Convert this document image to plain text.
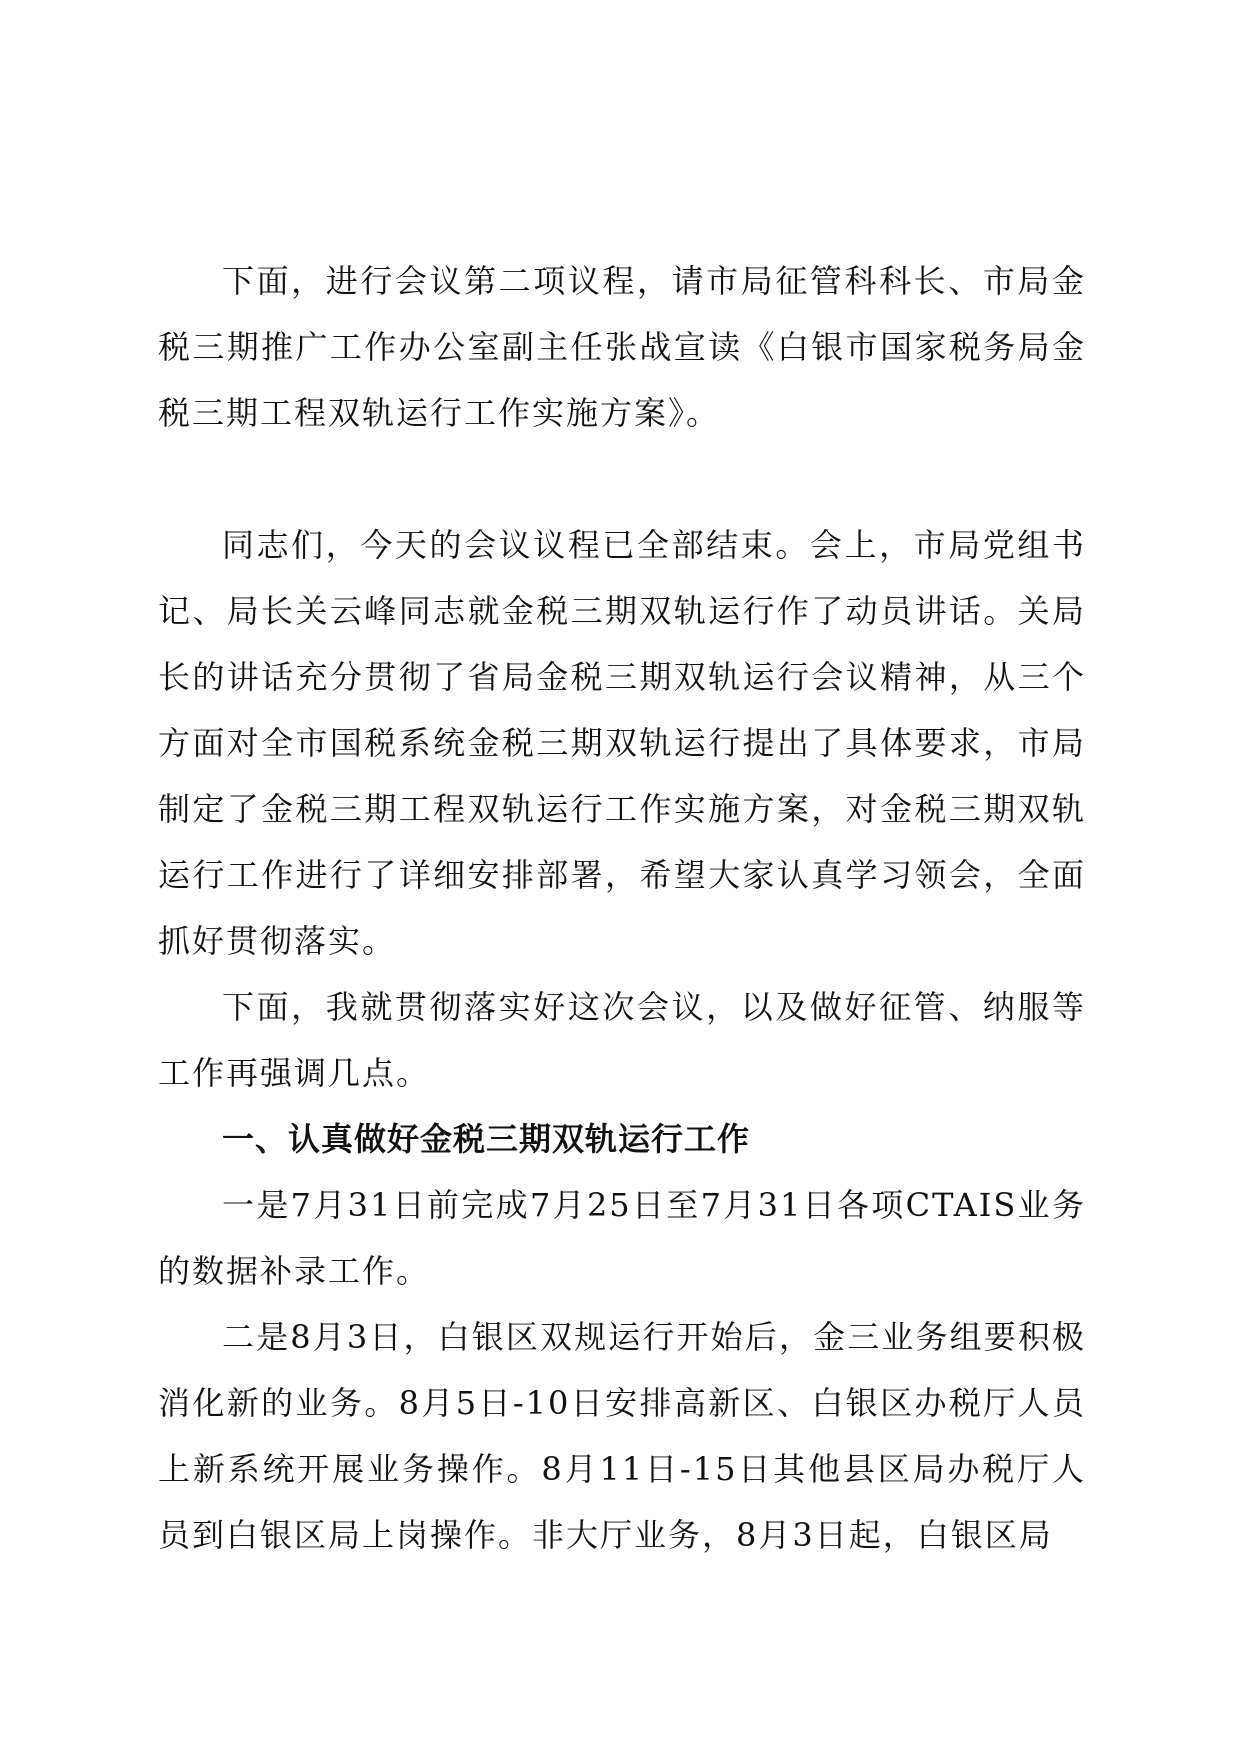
下面，进行会议第二项议程，请市局征管科科长、市局金税三期推广工作办公室副主任张战宣读《白银市国家税务局金税三期工程双轨运行工作实施方案》。

同志们，今天的会议议程已全部结束。会上，市局党组书记、局长关云峰同志就金税三期双轨运行作了动员讲话。关局长的讲话充分贯彻了省局金税三期双轨运行会议精神，从三个方面对全市国税系统金税三期双轨运行提出了具体要求，市局制定了金税三期工程双轨运行工作实施方案，对金税三期双轨运行工作进行了详细安排部署，希望大家认真学习领会，全面抓好贯彻落实。

下面，我就贯彻落实好这次会议，以及做好征管、纳服等工作再强调几点。

一、认真做好金税三期双轨运行工作

一是7月31日前完成7月25日至7月31日各项CTAIS业务的数据补录工作。

二是8月3日，白银区双规运行开始后，金三业务组要积极消化新的业务。8月5日-10日安排高新区、白银区办税厅人员上新系统开展业务操作。8月11日-15日其他县区局办税厅人员到白银区局上岗操作。非大厅业务，8月3日起，白银区局
